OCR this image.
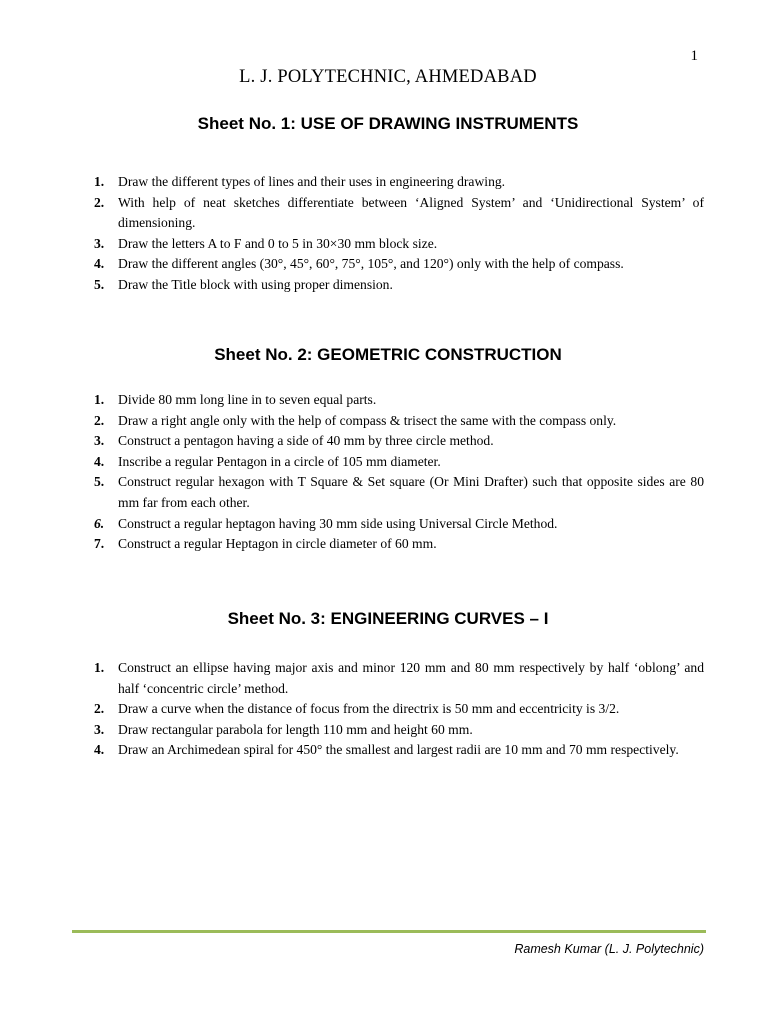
1
L. J. POLYTECHNIC, AHMEDABAD
Sheet No. 1: USE OF DRAWING INSTRUMENTS
1. Draw the different types of lines and their uses in engineering drawing.
2. With help of neat sketches differentiate between ‘Aligned System’ and ‘Unidirectional System’ of dimensioning.
3. Draw the letters A to F and 0 to 5 in 30×30 mm block size.
4. Draw the different angles (30°, 45°, 60°, 75°, 105°, and 120°) only with the help of compass.
5. Draw the Title block with using proper dimension.
Sheet No. 2: GEOMETRIC CONSTRUCTION
1. Divide 80 mm long line in to seven equal parts.
2. Draw a right angle only with the help of compass & trisect the same with the compass only.
3. Construct a pentagon having a side of 40 mm by three circle method.
4. Inscribe a regular Pentagon in a circle of 105 mm diameter.
5. Construct regular hexagon with T Square & Set square (Or Mini Drafter) such that opposite sides are 80 mm far from each other.
6. Construct a regular heptagon having 30 mm side using Universal Circle Method.
7. Construct a regular Heptagon in circle diameter of 60 mm.
Sheet No. 3: ENGINEERING CURVES – I
1. Construct an ellipse having major axis and minor 120 mm and 80 mm respectively by half ‘oblong’ and half ‘concentric circle’ method.
2. Draw a curve when the distance of focus from the directrix is 50 mm and eccentricity is 3/2.
3. Draw rectangular parabola for length 110 mm and height 60 mm.
4. Draw an Archimedean spiral for 450° the smallest and largest radii are 10 mm and 70 mm respectively.
Ramesh Kumar (L. J. Polytechnic)
